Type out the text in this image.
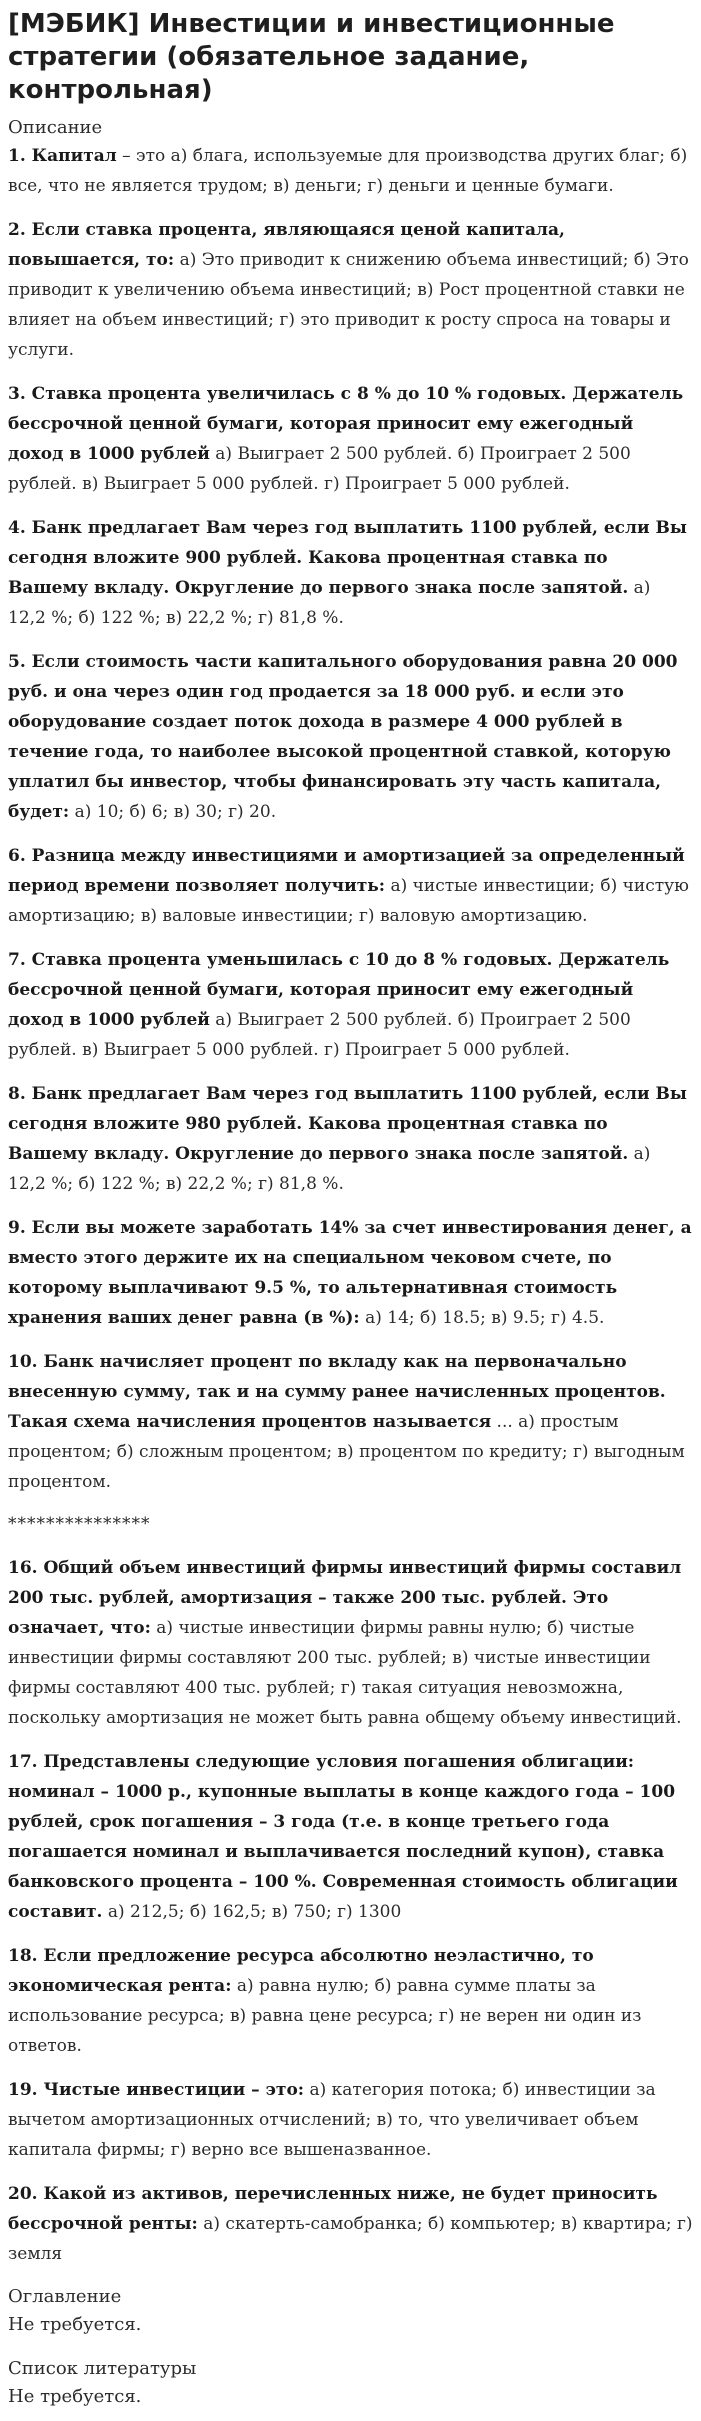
[МЭБИК] Инвестиции и инвестиционные стратегии (обязательное задание, контрольная)

Описание

1. Капитал – это а) блага, используемые для производства других благ; б) все, что не является трудом; в) деньги; г) деньги и ценные бумаги.

2. Если ставка процента, являющаяся ценой капитала, повышается, то: а) Это приводит к снижению объема инвестиций; б) Это приводит к увеличению объема инвестиций; в) Рост процентной ставки не влияет на объем инвестиций; г) это приводит к росту спроса на товары и услуги.

3. Ставка процента увеличилась с 8 % до 10 % годовых. Держатель бессрочной ценной бумаги, которая приносит ему ежегодный доход в 1000 рублей а) Выиграет 2 500 рублей. б) Проиграет 2 500 рублей. в) Выиграет 5 000 рублей. г) Проиграет 5 000 рублей.

4. Банк предлагает Вам через год выплатить 1100 рублей, если Вы сегодня вложите 900 рублей. Какова процентная ставка по Вашему вкладу. Округление до первого знака после запятой. а) 12,2 %; б) 122 %; в) 22,2 %; г) 81,8 %.

5. Если стоимость части капитального оборудования равна 20 000 руб. и она через один год продается за 18 000 руб. и если это оборудование создает поток дохода в размере 4 000 рублей в течение года, то наиболее высокой процентной ставкой, которую уплатил бы инвестор, чтобы финансировать эту часть капитала, будет: а) 10; б) 6; в) 30; г) 20.

6. Разница между инвестициями и амортизацией за определенный период времени позволяет получить: а) чистые инвестиции; б) чистую амортизацию; в) валовые инвестиции; г) валовую амортизацию.

7. Ставка процента уменьшилась с 10 до 8 % годовых. Держатель бессрочной ценной бумаги, которая приносит ему ежегодный доход в 1000 рублей а) Выиграет 2 500 рублей. б) Проиграет 2 500 рублей. в) Выиграет 5 000 рублей. г) Проиграет 5 000 рублей.

8. Банк предлагает Вам через год выплатить 1100 рублей, если Вы сегодня вложите 980 рублей. Какова процентная ставка по Вашему вкладу. Округление до первого знака после запятой. а) 12,2 %; б) 122 %; в) 22,2 %; г) 81,8 %.

9. Если вы можете заработать 14% за счет инвестирования денег, а вместо этого держите их на специальном чековом счете, по которому выплачивают 9.5 %, то альтернативная стоимость хранения ваших денег равна (в %): а) 14; б) 18.5; в) 9.5; г) 4.5.

10. Банк начисляет процент по вкладу как на первоначально внесенную сумму, так и на сумму ранее начисленных процентов. Такая схема начисления процентов называется ... а) простым процентом; б) сложным процентом; в) процентом по кредиту; г) выгодным процентом.

***************

16. Общий объем инвестиций фирмы инвестиций фирмы составил 200 тыс. рублей, амортизация – также 200 тыс. рублей. Это означает, что: а) чистые инвестиции фирмы равны нулю; б) чистые инвестиции фирмы составляют 200 тыс. рублей; в) чистые инвестиции фирмы составляют 400 тыс. рублей; г) такая ситуация невозможна, поскольку амортизация не может быть равна общему объему инвестиций.

17. Представлены следующие условия погашения облигации: номинал – 1000 р., купонные выплаты в конце каждого года – 100 рублей, срок погашения – 3 года (т.е. в конце третьего года погашается номинал и выплачивается последний купон), ставка банковского процента – 100 %. Современная стоимость облигации составит. а) 212,5; б) 162,5; в) 750; г) 1300

18. Если предложение ресурса абсолютно неэластично, то экономическая рента: а) равна нулю; б) равна сумме платы за использование ресурса; в) равна цене ресурса; г) не верен ни один из ответов.

19. Чистые инвестиции – это: а) категория потока; б) инвестиции за вычетом амортизационных отчислений; в) то, что увеличивает объем капитала фирмы; г) верно все вышеназванное.

20. Какой из активов, перечисленных ниже, не будет приносить бессрочной ренты: а) скатерть-самобранка; б) компьютер; в) квартира; г) земля

Оглавление

Не требуется.

Список литературы

Не требуется.
